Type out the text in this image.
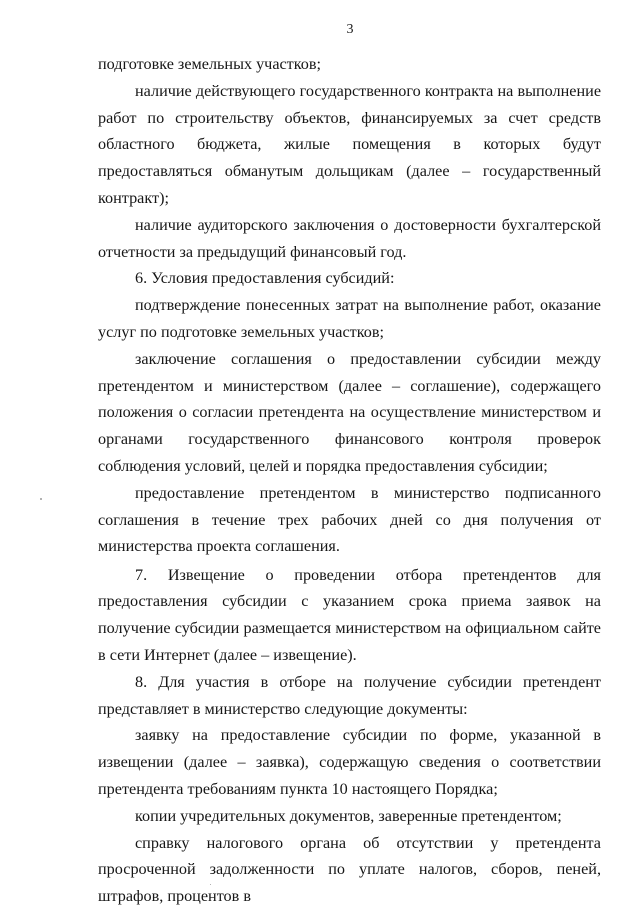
3

подготовке земельных участков;

наличие действующего государственного контракта на выполнение работ по строительству объектов, финансируемых за счет средств областного бюджета, жилые помещения в которых будут предоставляться обманутым дольщикам (далее – государственный контракт);

наличие аудиторского заключения о достоверности бухгалтерской отчетности за предыдущий финансовый год.

6. Условия предоставления субсидий:

подтверждение понесенных затрат на выполнение работ, оказание услуг по подготовке земельных участков;

заключение соглашения о предоставлении субсидии между претендентом и министерством (далее – соглашение), содержащего положения о согласии претендента на осуществление министерством и органами государственного финансового контроля проверок соблюдения условий, целей и порядка предоставления субсидии;

предоставление претендентом в министерство подписанного соглашения в течение трех рабочих дней со дня получения от министерства проекта соглашения.

7. Извещение о проведении отбора претендентов для предоставления субсидии с указанием срока приема заявок на получение субсидии размещается министерством на официальном сайте в сети Интернет (далее – извещение).

8. Для участия в отборе на получение субсидии претендент представляет в министерство следующие документы:

заявку на предоставление субсидии по форме, указанной в извещении (далее – заявка), содержащую сведения о соответствии претендента требованиям пункта 10 настоящего Порядка;

копии учредительных документов, заверенные претендентом;

справку налогового органа об отсутствии у претендента просроченной задолженности по уплате налогов, сборов, пеней, штрафов, процентов в
